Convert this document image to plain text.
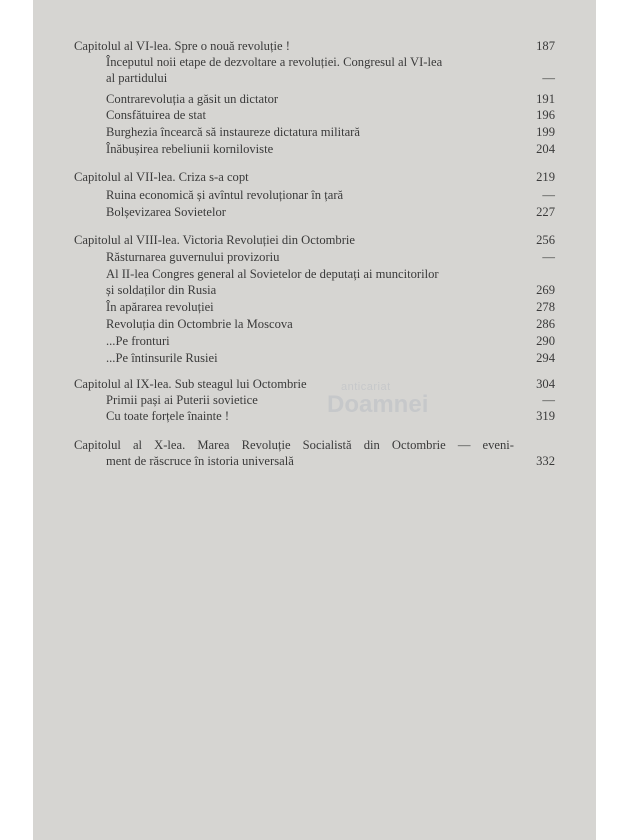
Capitolul al VI-lea. Spre o nouă revoluție !	187
Începutul noii etape de dezvoltare a revoluției. Congresul al VI-lea
al partidului	—
Contrarevoluția a găsit un dictator	191
Consfătuirea de stat	196
Burghezia încearcă să instaureze dictatura militară	199
Înăbușirea rebeliunii korniloviste	204
Capitolul al VII-lea. Criza s-a copt	219
Ruina economică și avîntul revoluționar în țară	—
Bolșevizarea Sovietelor	227
Capitolul al VIII-lea. Victoria Revoluției din Octombrie	256
Răsturnarea guvernului provizoriu	—
Al II-lea Congres general al Sovietelor de deputați ai muncitorilor
și soldaților din Rusia	269
În apărarea revoluției	278
Revoluția din Octombrie la Moscova	286
...Pe fronturi	290
...Pe întinsurile Rusiei	294
Capitolul al IX-lea. Sub steagul lui Octombrie	304
Primii pași ai Puterii sovietice	—
Cu toate forțele înainte !	319
Capitolul al X-lea. Marea Revoluție Socialistă din Octombrie — eveni-
ment de răscruce în istoria universală	332
anticariat
Doamnei
